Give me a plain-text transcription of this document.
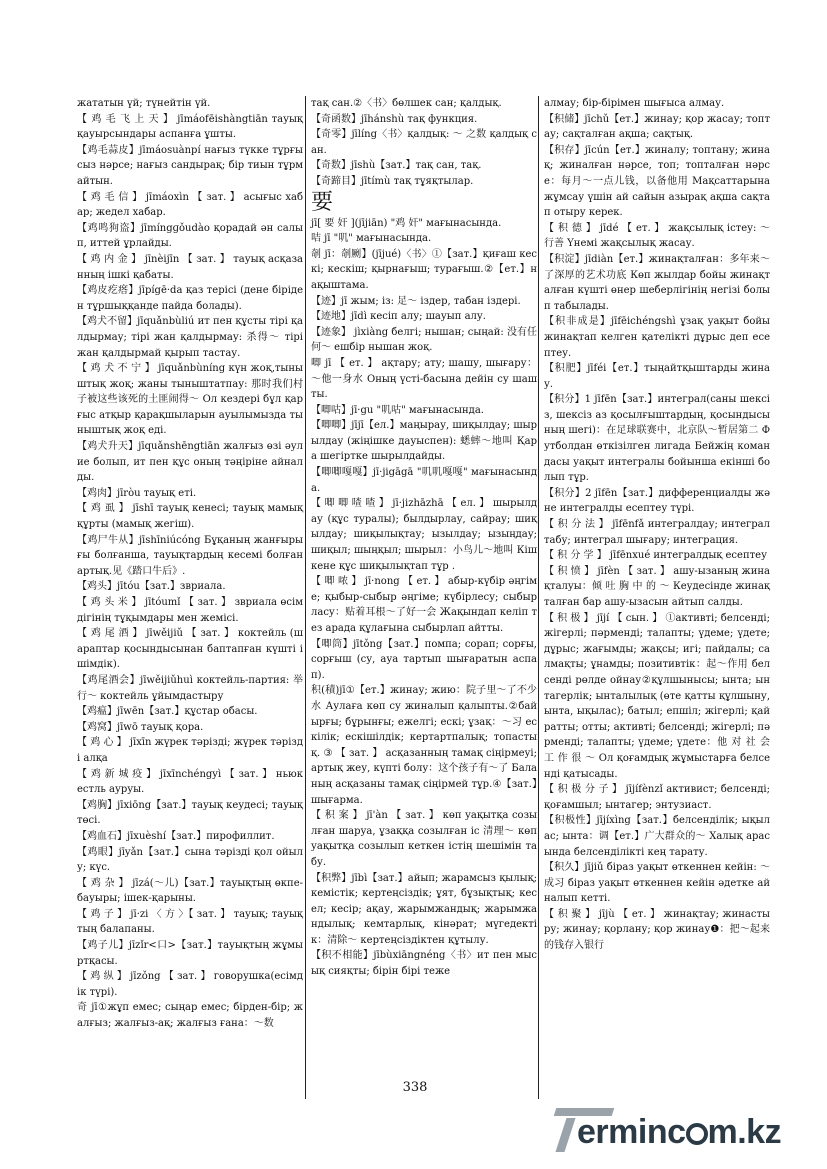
жататын үй; түнейтін үй.

【 鸡 毛 飞 上 天 】 jīmáofēishàngtiān тауық қауырсындары аспанға ұшты.

【鸡毛蒜皮】jīmáosuànpí нағыз түкке тұрғысыз нәрсе; нағыз сандырақ; бір тиын тұрмайтын.

【 鸡 毛 信 】 jīmáoxìn 【 зат. 】 асығыс хабар; жедел хабар.

【鸡鸣狗盗】jīmíngɡǒudào қорадай ән салып, иттей ұрлайды.

【 鸡 内 金 】 jīnèijīn 【 зат. 】 тауық асқазанның ішкі қабаты.

【鸡皮疙瘩】jīpígē·da қаз терісі (дене біріден тұршыққанде пайда болады).

【鸡犬不留】jīquǎnbùliú ит пен құсты тірі қалдырмау; тірі жан қалдырмау: 杀得～ тірі жан қалдырмай қырып тастау.

【 鸡 犬 不 宁 】 jīquǎnbùníng күн жоқ,тыныштық жоқ; жаны тыныштатпау: 那时我们村子被这些该死的土匪闹得～ Ол кездері бұл қарғыс атқыр қарақшыларын ауылымызда тыныштық жоқ еді.

【鸡犬升天】jīquǎnshēngtiān жалғыз өзі әулие болып, ит пен құс оның тәңіріне айналды.

【鸡肉】jīròu тауық еті.

【 鸡 虱 】 jīshī тауық кенесі; тауық мамық құрты (мамық жегіш).

【鸡尸牛从】jīshīniúcóng Бұқаның жанғырығы болғанша, тауықтардың кесемі болған артық.见《踏口牛后》.

【鸡头】jītóu【зат.】звриала.

【 鸡 头 米 】 jītóumǐ 【 зат. 】 звриала өсімдігінің тұқымдары мен жемісі.

【 鸡 尾 酒 】 jīwěijiǔ 【 зат. 】 коктейль (шараптар қосындысынан баптапған күшті ішімдік).

【鸡尾酒会】jīwěijiǔhuì коктейль-партия: 举行～ коктейль ұйымдастыру

【鸡瘟】jīwēn【зат.】құстар обасы.

【鸡窝】jīwō тауық қора.

【 鸡 心 】 jīxīn жүрек тәрізді; жүрек тәрізді алқа

【 鸡 新 城 疫 】 jīxīnchéngyì 【 зат. 】 ньюкестль ауруы.

【鸡胸】jīxiōng【зат.】тауық кеудесі; тауық төсі.

【鸡血石】jīxuèshí【зат.】пирофиллит.

【鸡眼】jīyǎn【зат.】сына тәрізді қол ойылу; күс.

【 鸡 杂 】 jīzá(～儿)【зат.】тауықтың өкпе-бауыры; ішек-қарыны.

【 鸡 子 】 jī·zi 〈 方 〉【 зат. 】 тауық; тауықтың балапаны.

【鸡子儿】jīzǐr<口>【зат.】тауықтың жұмыртқасы.

【 鸡 纵 】 jīzǒng 【 зат. 】 говорушка(есімдік түрі).

奇 jī①жұп емес; сыңар емес; бірден-бір; жалғыз; жалғыз-ақ; жалғыз ғана：～数

тақ сан.②〈书〉бөлшек сан; қалдық.

【奇函数】jīhánshù тақ функция.

【奇零】jīlíng〈书〉қалдық: ～ 之数 қалдық сан.

【奇数】jīshù【зат.】тақ сан, тақ.

【奇蹄目】jītímù тақ тұяқтылар.

要

jī[ 要 奸 ](jījiān) "鸡 奸" мағынасында.

咭 jī "叽" мағынасында.

剞 jī：剞劂】(jījué)〈书〉①【зат.】қиғаш кескі; кескіш; қырнағыш; турағыш.②【ет.】нақыштама.

【迹】jī жым; із: 足～ іздер, табан іздері.

【迹地】jīdì кесіп алу; шауып алу.

【迹象】 jìxiàng белгі; нышан; сыңай: 没有任何～ ешбір нышан жоқ.

唧 jī 【 ет. 】 ақтару; ату; шашу, шығару：～他一身水 Оның үсті-басына дейін су шашты.

【唧咕】jī·gu "叽咕" мағынасында.

【唧唧】jījī【ел.】маңырау, шиқылдау; шырылдау (жіңішке дауыспен): 蟋蟀～地叫 Қара шегіртке шырылдайды.

【唧唧嘎嘎】jī·jigāgā "叽叽嘎嘎" мағынасында.

【 唧 唧 喳 喳 】 jī·jizhāzhā 【 ел. 】 шырылдау (құс туралы); былдырлау, сайрау; шиқылдау; шиқылықтау; ызылдау; ызыңдау; шиқыл; шыңқыл; шырыл：小鸟儿～地叫 Кішкене құс шиқылықтап тұр .

【 唧 哝 】 jī·nong 【 ет. 】 абыр-күбір әңгіме; қыбыр-сыбыр әңгіме; күбірлесу; сыбырласу：贴着耳根～了好一会 Жақындап келіп тез арада құлағына сыбырлап айтты.

【唧筒】jītǒng【зат.】помпа; сорап; сорғы, сорғыш (су, ауа тартып шығаратын аспап).

积(積)jī①【ет.】жинау; жию：院子里～了不少水 Аулаға көп су жиналып қалыпты.②байырғы; бұрынғы; ежелгі; ескі; ұзақ：～习 ескілік; ескішілдік; кертартпалық; топастық. ③ 【 зат. 】 асқазанның тамақ сіңірмеуі; артық жеу, күпті болу：这个孩子有～了 Баланың асқазаны тамақ сіңірмей тұр.④【зат.】шығарма.

【 积 案 】 jī'àn 【 зат. 】 көп уақытқа созылған шаруа, ұзаққа созылған іс 清理～ көп уақытқа созылып кеткен істің шешімін табу.

【积弊】jībì【зат.】айып; жарамсыз қылық; кемістік; кертеңсіздік; ұят, бұзықтық; кесел; кесір; ақау, жарымжандық; жарымжандылық; кемтарлық, кінәрат; мүгедектік：清除～ кертеңсіздіктен құтылу.

【积不相能】jībùxiāngnéng〈书〉ит пен мысық сияқты; бірін бірі теже

алмау; бір-бірімен шығыса алмау.

【积储】jīchǔ【ет.】жинау; қор жасау; топтау; сақталған ақша; сақтық.

【积存】jīcún【ет.】жиналу; топтану; жинақ; жиналған нәрсе, топ; топталған нәрсе：每月～一点儿钱，以备他用 Мақсаттарына жұмсау үшін ай сайын азырақ ақша сақтап отыру керек.

【 积 德 】 jīdé 【 ет. 】 жақсылық істеу: ～行善 Үнемі жақсылық жасау.

【积淀】jīdiàn【ет.】жинақталған：多年来～了深厚的艺术功底 Көп жылдар бойы жинақталған күшті өнер шеберлігінің негізі болып табылады.

【积非成是】jīfēichéngshì ұзақ уақыт бойы жинақтап келген қателікті дұрыс деп есептеу.

【积肥】jīféi【ет.】тыңайтқыштарды жинау.

【积分】1 jīfēn【зат.】интеграл(саны шексіз, шексіз аз қосылғыштардың, қосындысының шегі)：在足球联赛中，北京队～暂居第二 Футболдан өткізілген лигада Бейжің командасы уақыт интегралы бойынша екінші болып тұр.

【积分】2 jīfēn【зат.】дифференциалды және интегралды есептеу түрі.

【 积 分 法 】 jīfēnfǎ интегралдау; интеграл табу; интеграл шығару; интеграция.

【 积 分 学 】 jīfēnxué интегралдық есептеу

【 积 愤 】 jīfèn 【 зат. 】 ашу-ызаның жинақталуы：倾 吐 胸 中 的 ～ Кеудесінде жинақталған бар ашу-ызасын айтып салды.

【 积 极 】 jījí 【 сын. 】 ①активті; белсенді; жігерлі; пәрменді; талапты; үдеме; үдете; дұрыс; жағымды; жақсы; игі; пайдалы; салмақты; ұнамды; позитивтік：起～作用 белсенді рөлде ойнау②құлшынысы; ынта; ынтагерлік; ынталылық (өте қатты құлшыну, ынта, ықылас); батыл; епшіл; жігерлі; қайратты; отты; активті; белсенді; жігерлі; пәрменді; талапты; үдеме; үдете：他 对 社 会 工 作 很 ～ Ол қоғамдық жұмыстарға белсенді қатысады.

【 积 极 分 子 】 jījífènzǐ активист; белсенді; қоғамшыл; ынтагер; энтузиаст.

【积极性】jījíxìng【зат.】белсенділік; ықылас; ынта：调【ет.】广大群众的～ Халық арасында белсенділікті кең тарату.

【积久】jījiǔ біраз уақыт өткеннен кейін: ～成习 біраз уақыт өткеннен кейін әдетке айналып кетті.

【 积 聚 】 jījù 【 ет. 】 жинақтау; жинастыру; жинау; қорлану; қор жинау❶：把～起来的钱存入银行

338
erminc m.kz
